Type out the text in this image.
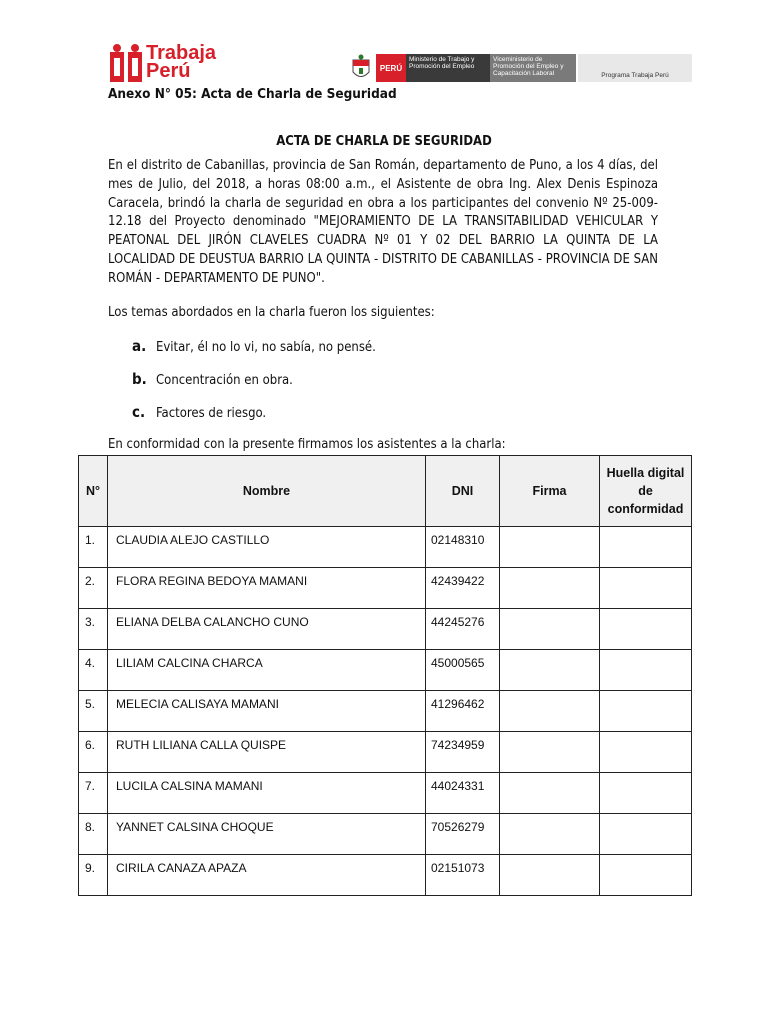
Trabaja
Perú	PERÚ
Ministerio de Trabajo y Promoción del Empleo
Viceministerio de Promoción del Empleo y Capacitación Laboral	Programa Trabaja Perú
Anexo N° 05: Acta de Charla de Seguridad
ACTA DE CHARLA DE SEGURIDAD
En el distrito de Cabanillas, provincia de San Román, departamento de Puno, a los 4 días, del mes de Julio, del 2018, a horas 08:00 a.m., el Asistente de obra Ing. Alex Denis Espinoza Caracela, brindó la charla de seguridad en obra a los participantes del convenio Nº 25-009-12.18 del Proyecto denominado "MEJORAMIENTO DE LA TRANSITABILIDAD VEHICULAR Y PEATONAL DEL JIRÓN CLAVELES CUADRA Nº 01 Y 02 DEL BARRIO LA QUINTA DE LA LOCALIDAD DE DEUSTUA BARRIO LA QUINTA - DISTRITO DE CABANILLAS - PROVINCIA DE SAN ROMÁN - DEPARTAMENTO DE PUNO".
Los temas abordados en la charla fueron los siguientes:
a. Evitar, él no lo vi, no sabía, no pensé.
b. Concentración en obra.
c. Factores de riesgo.
En conformidad con la presente firmamos los asistentes a la charla:
N°	Nombre	DNI	Firma	Huella digital de conformidad
1.	CLAUDIA ALEJO CASTILLO	02148310		
2.	FLORA REGINA BEDOYA MAMANI	42439422		
3.	ELIANA DELBA CALANCHO CUNO	44245276		
4.	LILIAM CALCINA CHARCA	45000565		
5.	MELECIA CALISAYA MAMANI	41296462		
6.	RUTH LILIANA CALLA QUISPE	74234959		
7.	LUCILA CALSINA MAMANI	44024331		
8.	YANNET CALSINA CHOQUE	70526279		
9.	CIRILA CANAZA APAZA	02151073		
